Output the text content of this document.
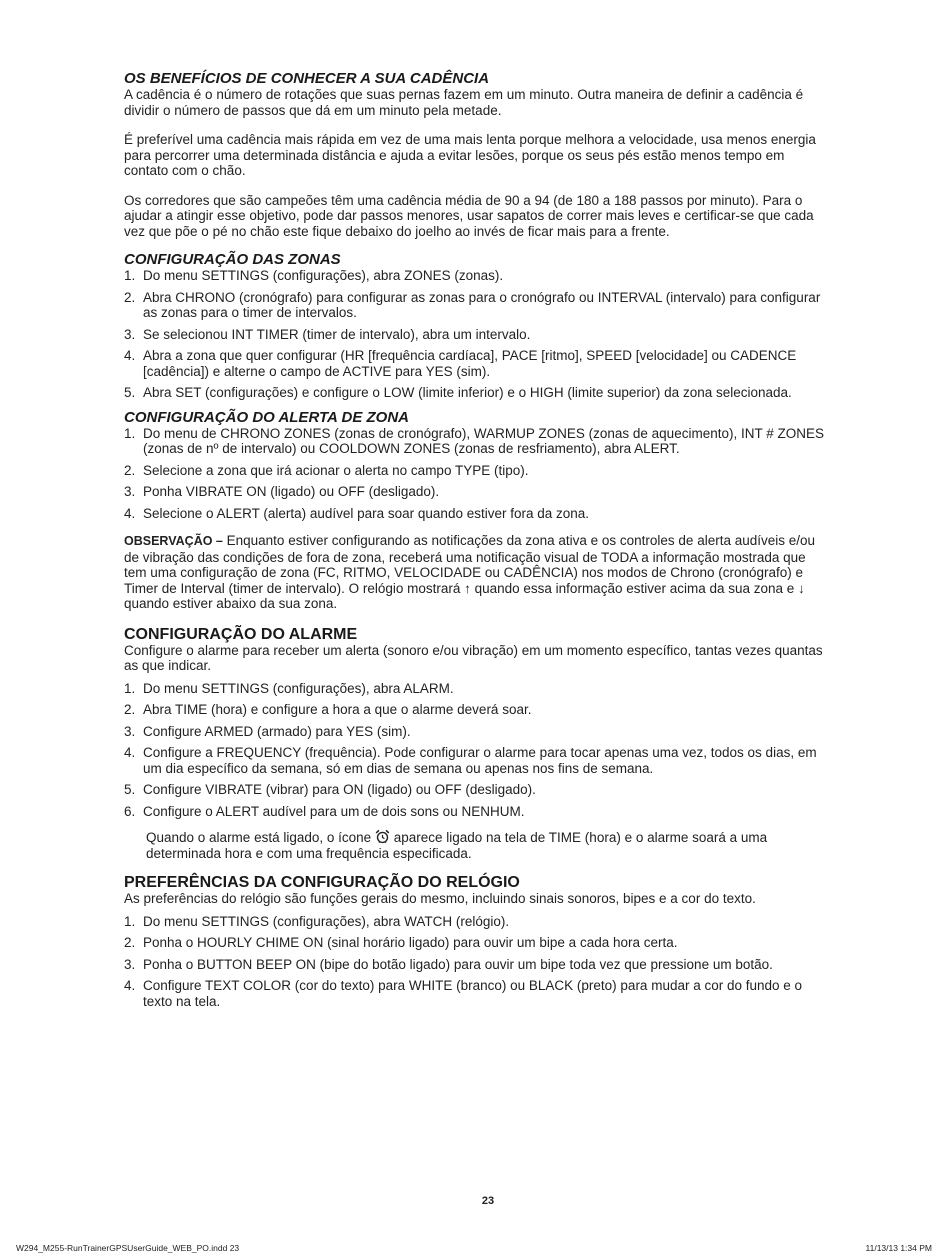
OS BENEFÍCIOS DE CONHECER A SUA CADÊNCIA

A cadência é o número de rotações que suas pernas fazem em um minuto. Outra maneira de definir a cadência é dividir o número de passos que dá em um minuto pela metade.

É preferível uma cadência mais rápida em vez de uma mais lenta porque melhora a velocidade, usa menos energia para percorrer uma determinada distância e ajuda a evitar lesões, porque os seus pés estão menos tempo em contato com o chão.

Os corredores que são campeões têm uma cadência média de 90 a 94 (de 180 a 188 passos por minuto). Para o ajudar a atingir esse objetivo, pode dar passos menores, usar sapatos de correr mais leves e certificar-se que cada vez que põe o pé no chão este fique debaixo do joelho ao invés de ficar mais para a frente.

CONFIGURAÇÃO DAS ZONAS
1. Do menu SETTINGS (configurações), abra ZONES (zonas).
2. Abra CHRONO (cronógrafo) para configurar as zonas para o cronógrafo ou INTERVAL (intervalo) para configurar as zonas para o timer de intervalos.
3. Se selecionou INT TIMER (timer de intervalo), abra um intervalo.
4. Abra a zona que quer configurar (HR [frequência cardíaca], PACE [ritmo], SPEED [velocidade] ou CADENCE [cadência]) e alterne o campo de ACTIVE para YES (sim).
5. Abra SET (configurações) e configure o LOW (limite inferior) e o HIGH (limite superior) da zona selecionada.
CONFIGURAÇÃO DO ALERTA DE ZONA
1. Do menu de CHRONO ZONES (zonas de cronógrafo), WARMUP ZONES (zonas de aquecimento), INT # ZONES (zonas de nº de intervalo) ou COOLDOWN ZONES (zonas de resfriamento), abra ALERT.
2. Selecione a zona que irá acionar o alerta no campo TYPE (tipo).
3. Ponha VIBRATE ON (ligado) ou OFF (desligado).
4. Selecione o ALERT (alerta) audível para soar quando estiver fora da zona.

OBSERVAÇÃO – Enquanto estiver configurando as notificações da zona ativa e os controles de alerta audíveis e/ou de vibração das condições de fora de zona, receberá uma notificação visual de TODA a informação mostrada que tem uma configuração de zona (FC, RITMO, VELOCIDADE ou CADÊNCIA) nos modos de Chrono (cronógrafo) e Timer de Interval (timer de intervalo). O relógio mostrará ↑ quando essa informação estiver acima da sua zona e ↓ quando estiver abaixo da sua zona.

CONFIGURAÇÃO DO ALARME

Configure o alarme para receber um alerta (sonoro e/ou vibração) em um momento específico, tantas vezes quantas as que indicar.

1. Do menu SETTINGS (configurações), abra ALARM.
2. Abra TIME (hora) e configure a hora a que o alarme deverá soar.
3. Configure ARMED (armado) para YES (sim).
4. Configure a FREQUENCY (frequência). Pode configurar o alarme para tocar apenas uma vez, todos os dias, em um dia específico da semana, só em dias de semana ou apenas nos fins de semana.
5. Configure VIBRATE (vibrar) para ON (ligado) ou OFF (desligado).
6. Configure o ALERT audível para um de dois sons ou NENHUM.

Quando o alarme está ligado, o ícone aparece ligado na tela de TIME (hora) e o alarme soará a uma determinada hora e com uma frequência especificada.

PREFERÊNCIAS DA CONFIGURAÇÃO DO RELÓGIO

As preferências do relógio são funções gerais do mesmo, incluindo sinais sonoros, bipes e a cor do texto.

1. Do menu SETTINGS (configurações), abra WATCH (relógio).
2. Ponha o HOURLY CHIME ON (sinal horário ligado) para ouvir um bipe a cada hora certa.
3. Ponha o BUTTON BEEP ON (bipe do botão ligado) para ouvir um bipe toda vez que pressione um botão.
4. Configure TEXT COLOR (cor do texto) para WHITE (branco) ou BLACK (preto) para mudar a cor do fundo e o texto na tela.
23
W294_M255-RunTrainerGPSUserGuide_WEB_PO.indd 23	11/13/13 1:34 PM
